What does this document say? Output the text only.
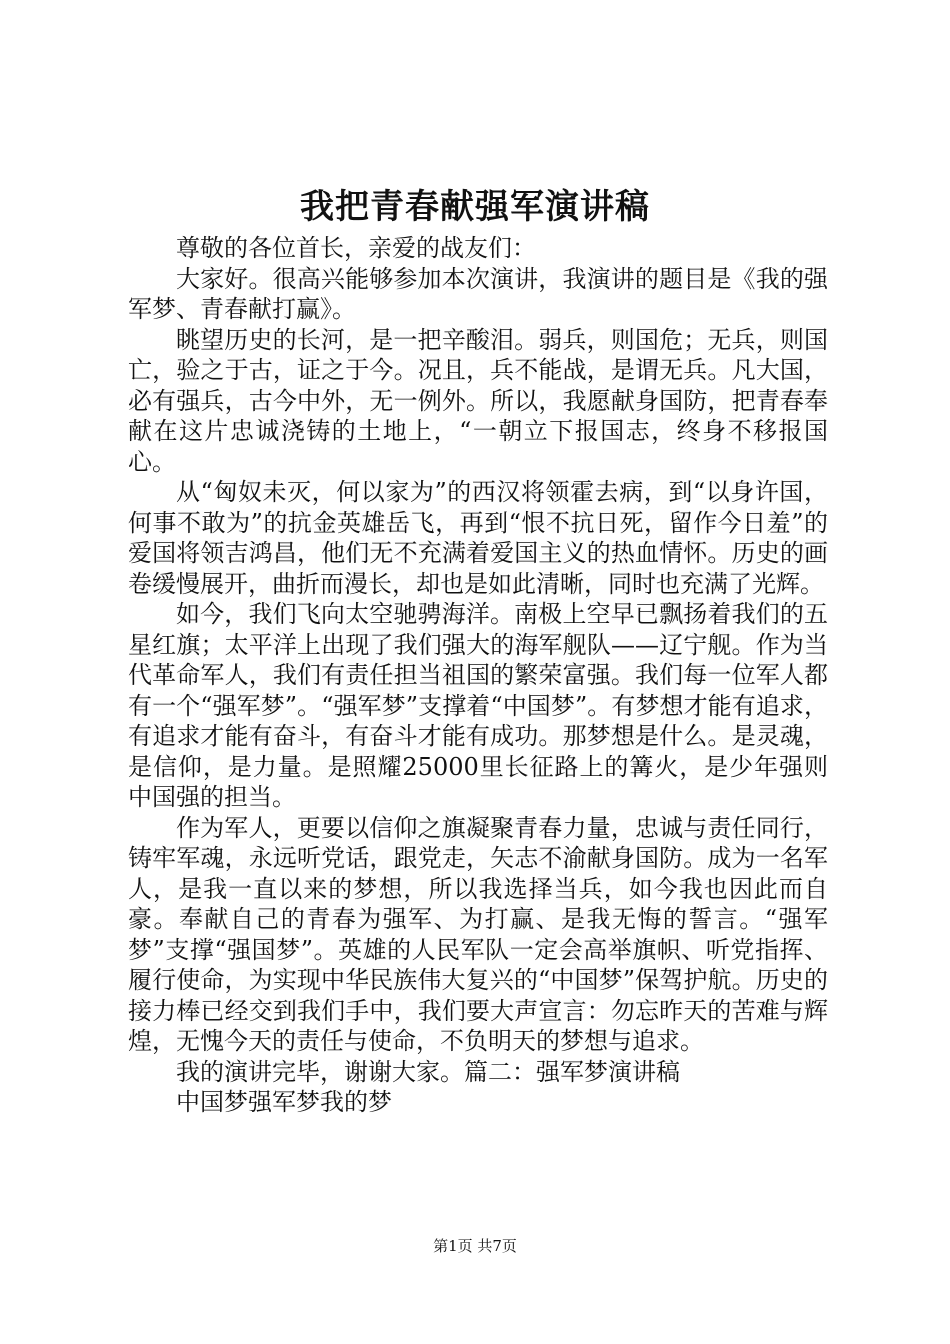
我把青春献强军演讲稿

尊敬的各位首长，亲爱的战友们：

大家好。很高兴能够参加本次演讲，我演讲的题目是《我的强军梦、青春献打赢》。

眺望历史的长河，是一把辛酸泪。弱兵，则国危；无兵，则国亡，验之于古，证之于今。况且，兵不能战，是谓无兵。凡大国，必有强兵，古今中外，无一例外。所以，我愿献身国防，把青春奉献在这片忠诚浇铸的土地上，“一朝立下报国志，终身不移报国心。

从“匈奴未灭，何以家为”的西汉将领霍去病，到“以身许国，何事不敢为”的抗金英雄岳飞，再到“恨不抗日死，留作今日羞”的爱国将领吉鸿昌，他们无不充满着爱国主义的热血情怀。历史的画卷缓慢展开，曲折而漫长，却也是如此清晰，同时也充满了光辉。

如今，我们飞向太空驰骋海洋。南极上空早已飘扬着我们的五星红旗；太平洋上出现了我们强大的海军舰队——辽宁舰。作为当代革命军人，我们有责任担当祖国的繁荣富强。我们每一位军人都有一个“强军梦”。“强军梦”支撑着“中国梦”。有梦想才能有追求，有追求才能有奋斗，有奋斗才能有成功。那梦想是什么。是灵魂，是信仰，是力量。是照耀25000里长征路上的篝火，是少年强则中国强的担当。

作为军人，更要以信仰之旗凝聚青春力量，忠诚与责任同行，铸牢军魂，永远听党话，跟党走，矢志不渝献身国防。成为一名军人，是我一直以来的梦想，所以我选择当兵，如今我也因此而自豪。奉献自己的青春为强军、为打赢、是我无悔的誓言。“强军梦”支撑“强国梦”。英雄的人民军队一定会高举旗帜、听党指挥、履行使命，为实现中华民族伟大复兴的“中国梦”保驾护航。历史的接力棒已经交到我们手中，我们要大声宣言：勿忘昨天的苦难与辉煌，无愧今天的责任与使命，不负明天的梦想与追求。

我的演讲完毕，谢谢大家。篇二：强军梦演讲稿

中国梦强军梦我的梦

第1页 共7页
